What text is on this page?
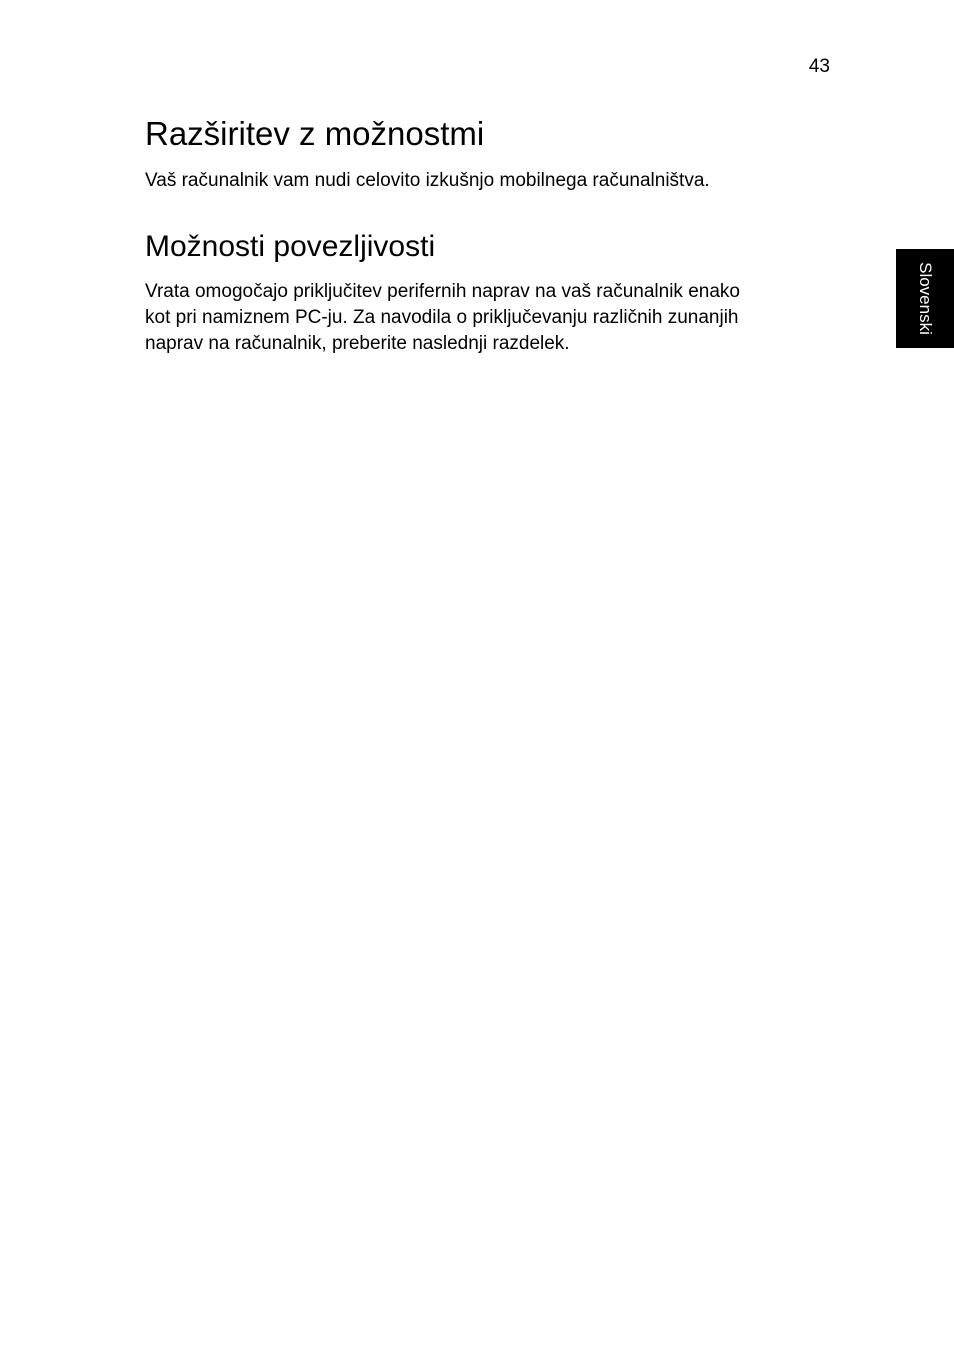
43
Slovenski
Razširitev z možnostmi

Vaš računalnik vam nudi celovito izkušnjo mobilnega računalništva.

Možnosti povezljivosti

Vrata omogočajo priključitev perifernih naprav na vaš računalnik enako
kot pri namiznem PC-ju. Za navodila o priključevanju različnih zunanjih
naprav na računalnik, preberite naslednji razdelek.
